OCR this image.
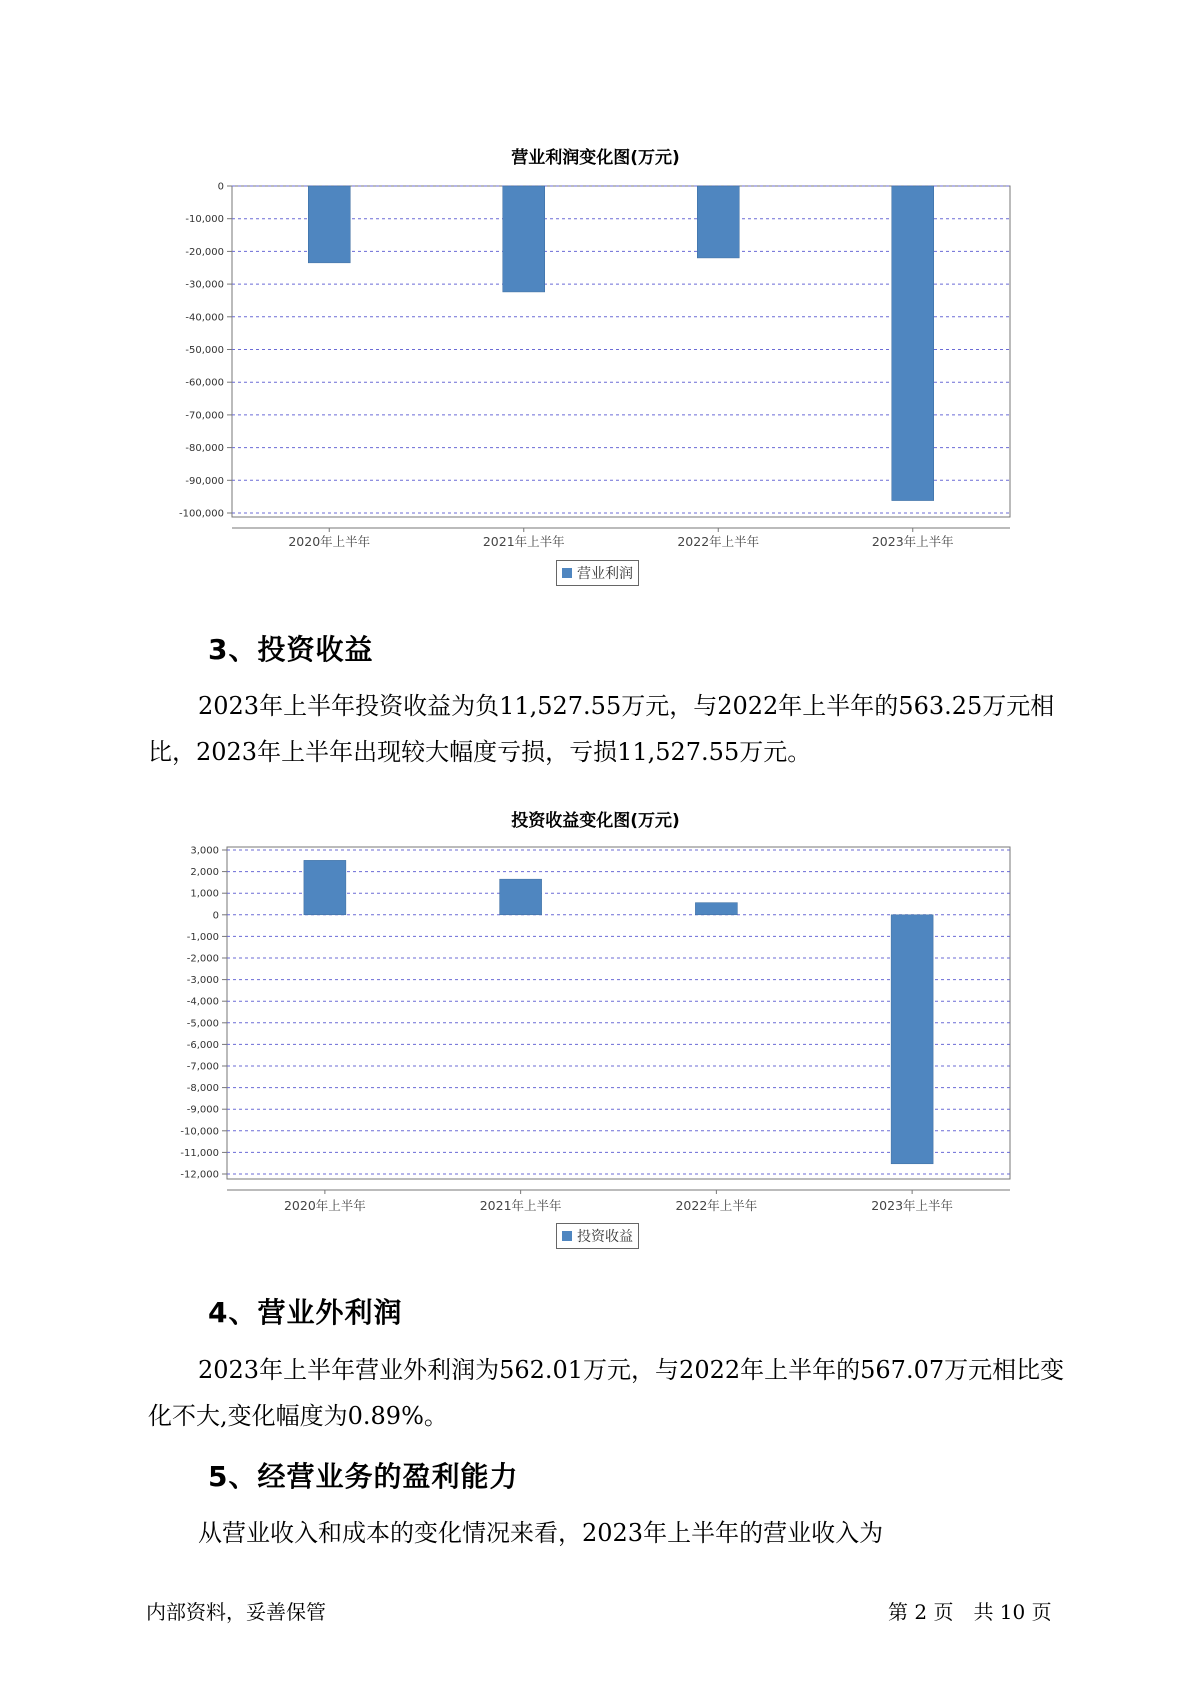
营业利润变化图(万元)
0
-10,000
-20,000
-30,000
-40,000
-50,000
-60,000
-70,000
-80,000
-90,000
-100,000
2020年上半年	2021年上半年	2022年上半年	2023年上半年
营业利润
3、投资收益

2023年上半年投资收益为负11,527.55万元，与2022年上半年的563.25万元相比，2023年上半年出现较大幅度亏损，亏损11,527.55万元。

投资收益变化图(万元)
3,000
2,000
1,000
0
-1,000
-2,000
-3,000
-4,000
-5,000
-6,000
-7,000
-8,000
-9,000
-10,000
-11,000
-12,000
2020年上半年	2021年上半年	2022年上半年	2023年上半年
投资收益
4、营业外利润

2023年上半年营业外利润为562.01万元，与2022年上半年的567.07万元相比变化不大,变化幅度为0.89%。

5、经营业务的盈利能力

从营业收入和成本的变化情况来看，2023年上半年的营业收入为

内部资料，妥善保管	第 2 页　共 10 页
